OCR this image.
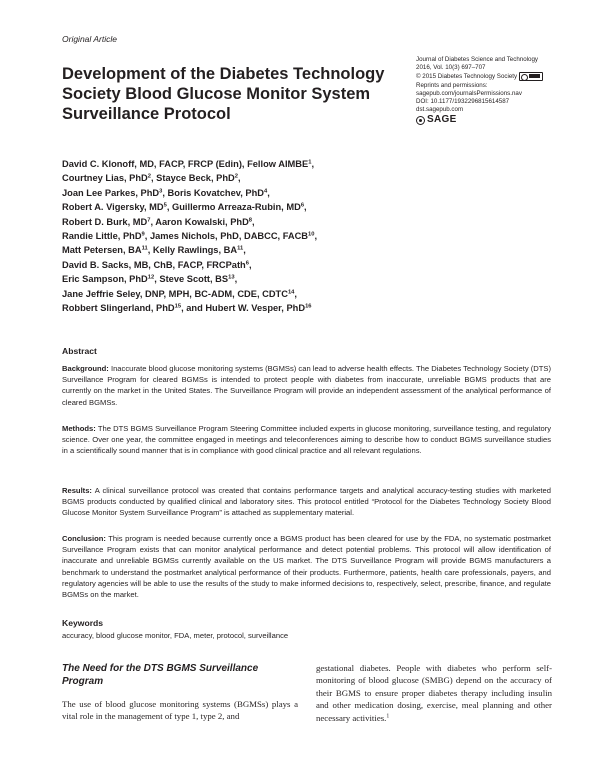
Original Article
Development of the Diabetes Technology Society Blood Glucose Monitor System Surveillance Protocol
Journal of Diabetes Science and Technology
2016, Vol. 10(3) 697–707
© 2015 Diabetes Technology Society
Reprints and permissions:
sagepub.com/journalsPermissions.nav
DOI: 10.1177/1932296815614587
dst.sagepub.com
SAGE
David C. Klonoff, MD, FACP, FRCP (Edin), Fellow AIMBE$^1$,
Courtney Lias, PhD$^2$, Stayce Beck, PhD$^2$,
Joan Lee Parkes, PhD$^3$, Boris Kovatchev, PhD$^4$,
Robert A. Vigersky, $MD^5$, Guillermo Arreaza-Rubin, $MD^6$,
Robert D. Burk, $MD^7$, Aaron Kowalski, PhD$^8$,
Randie Little, PhD$^9$, James Nichols, PhD, DABCC, FACB$^{10}$,
Matt Petersen, BA$^{11}$, Kelly Rawlings, BA$^{11}$,
David B. Sacks, MB, ChB, FACP, FRCPath$^6$,
Eric Sampson, PhD$^{12}$, Steve Scott, BS$^{13}$,
Jane Jeffrie Seley, DNP, MPH, BC-ADM, CDE, CDTC$^{14}$,
Robbert Slingerland, PhD$^{15}$, and Hubert W. Vesper, PhD$^{16}$
Abstract

Background: Inaccurate blood glucose monitoring systems (BGMSs) can lead to adverse health effects. The Diabetes Technology Society (DTS) Surveillance Program for cleared BGMSs is intended to protect people with diabetes from inaccurate, unreliable BGMS products that are currently on the market in the United States. The Surveillance Program will provide an independent assessment of the analytical performance of cleared BGMSs.

Methods: The DTS BGMS Surveillance Program Steering Committee included experts in glucose monitoring, surveillance testing, and regulatory science. Over one year, the committee engaged in meetings and teleconferences aiming to describe how to conduct BGMS surveillance studies in a scientifically sound manner that is in compliance with good clinical practice and all relevant regulations.

Results: A clinical surveillance protocol was created that contains performance targets and analytical accuracy-testing studies with marketed BGMS products conducted by qualified clinical and laboratory sites. This protocol entitled “Protocol for the Diabetes Technology Society Blood Glucose Monitor System Surveillance Program” is attached as supplementary material.

Conclusion: This program is needed because currently once a BGMS product has been cleared for use by the FDA, no systematic postmarket Surveillance Program exists that can monitor analytical performance and detect potential problems. This protocol will allow identification of inaccurate and unreliable BGMSs currently available on the US market. The DTS Surveillance Program will provide BGMS manufacturers a benchmark to understand the postmarket analytical performance of their products. Furthermore, patients, health care professionals, payers, and regulatory agencies will be able to use the results of the study to make informed decisions to, respectively, select, prescribe, finance, and regulate BGMSs on the market.

Keywords
accuracy, blood glucose monitor, FDA, meter, protocol, surveillance
The Need for the DTS BGMS Surveillance Program

The use of blood glucose monitoring systems (BGMSs) plays a vital role in the management of type 1, type 2, and

gestational diabetes. People with diabetes who perform self-monitoring of blood glucose (SMBG) depend on the accuracy of their BGMS to ensure proper diabetes therapy including insulin and other medication dosing, exercise, meal planning and other necessary activities.$^1$
